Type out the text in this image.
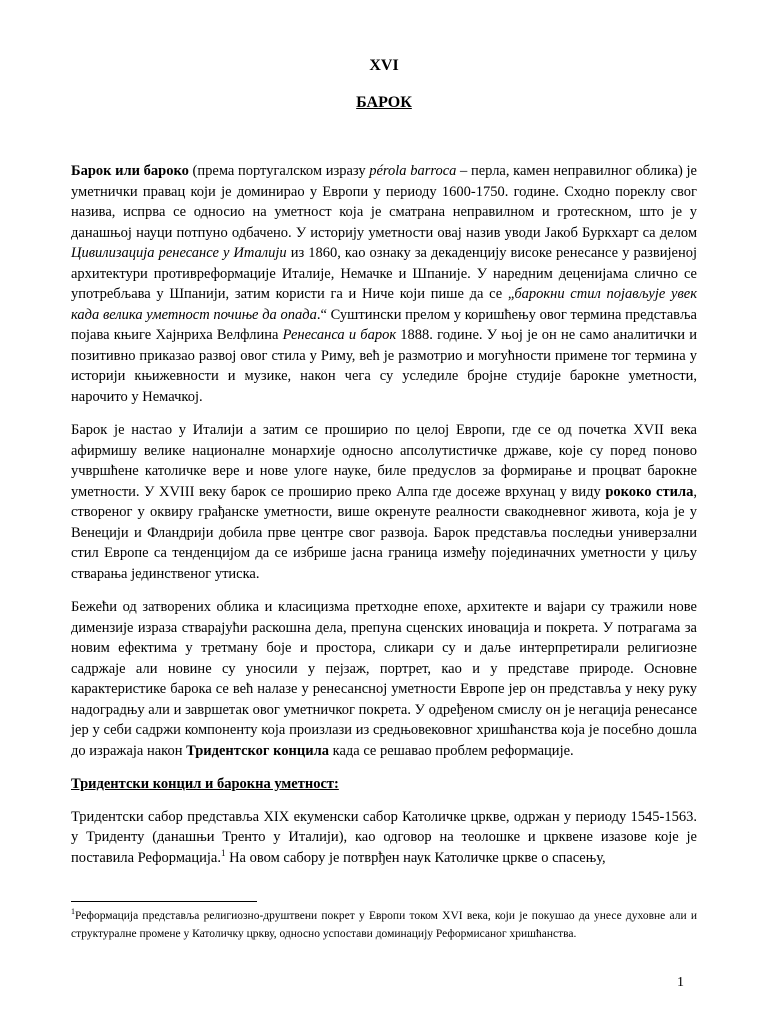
XVI
БАРОК

Барок или бароко (према португалском изразу pérola barroca – перла, камен неправилног облика) је уметнички правац који је доминирао у Европи у периоду 1600-1750. године. Сходно пореклу свог назива, испрва се односио на уметност која је сматрана неправилном и гротескном, што је у данашњој науци потпуно одбачено. У историју уметности овај назив уводи Јакоб Буркхарт са делом Цивилизација ренесансе у Италији из 1860, као ознаку за декаденцију високе ренесансе у развијеној архитектури противреформације Италије, Немачке и Шпаније. У наредним деценијама слично се употребљава у Шпанији, затим користи га и Ниче који пише да се „барокни стил појављује увек када велика уметност почиње да опада.“ Суштински прелом у коришћењу овог термина представља појава књиге Хајнриха Велфлина Ренесанса и барок 1888. године. У њој је он не само аналитички и позитивно приказао развој овог стила у Риму, већ је размотрио и могућности примене тог термина у историји књижевности и музике, након чега су уследиле бројне студије барокне уметности, нарочито у Немачкој.

Барок је настао у Италији а затим се проширио по целој Европи, где се од почетка XVII века афирмишу велике националне монархије односно апсолутистичке државе, које су поред поново учвршћене католичке вере и нове улоге науке, биле предуслов за формирање и процват барокне уметности. У XVIII веку барок се проширио преко Алпа где досеже врхунац у виду рококо стила, створеног у оквиру грађанске уметности, више окренуте реалности свакодневног живота, која је у Венецији и Фландрији добила прве центре свог развоја. Барок представља последњи универзални стил Европе са тенденцијом да се избрише јасна граница између појединачних уметности у циљу стварања јединственог утиска.

Бежећи од затворених облика и класицизма претходне епохе, архитекте и вајари су тражили нове димензије израза стварајући раскошна дела, препуна сценских иновација и покрета. У потрагама за новим ефектима у третману боје и простора, сликари су и даље интерпретирали религиозне садржаје али новине су уносили у пејзаж, портрет, као и у представе природе. Основне карактеристике барока се већ налазе у ренесансној уметности Европе јер он представља у неку руку надоградњу али и завршетак овог уметничког покрета. У одређеном смислу он је негација ренесансе јер у себи садржи компоненту која произлази из средњовековног хришћанства која је посебно дошла до изражаја након Тридентског концила када се решавао проблем реформације.

Тридентски концил и барокна уметност:

Тридентски сабор представља XIX екуменски сабор Католичке цркве, одржан у периоду 1545-1563. у Триденту (данашњи Тренто у Италији), као одговор на теолошке и црквене изазове које је поставила Реформација.$^1$ На овом сабору је потврђен наук Католичке цркве о спасењу,

$^1$Реформација представља религиозно-друштвени покрет у Европи током XVI века, који је покушао да унесе духовне али и структуралне промене у Католичку цркву, односно успостави доминацију Реформисаног хришћанства.
1
